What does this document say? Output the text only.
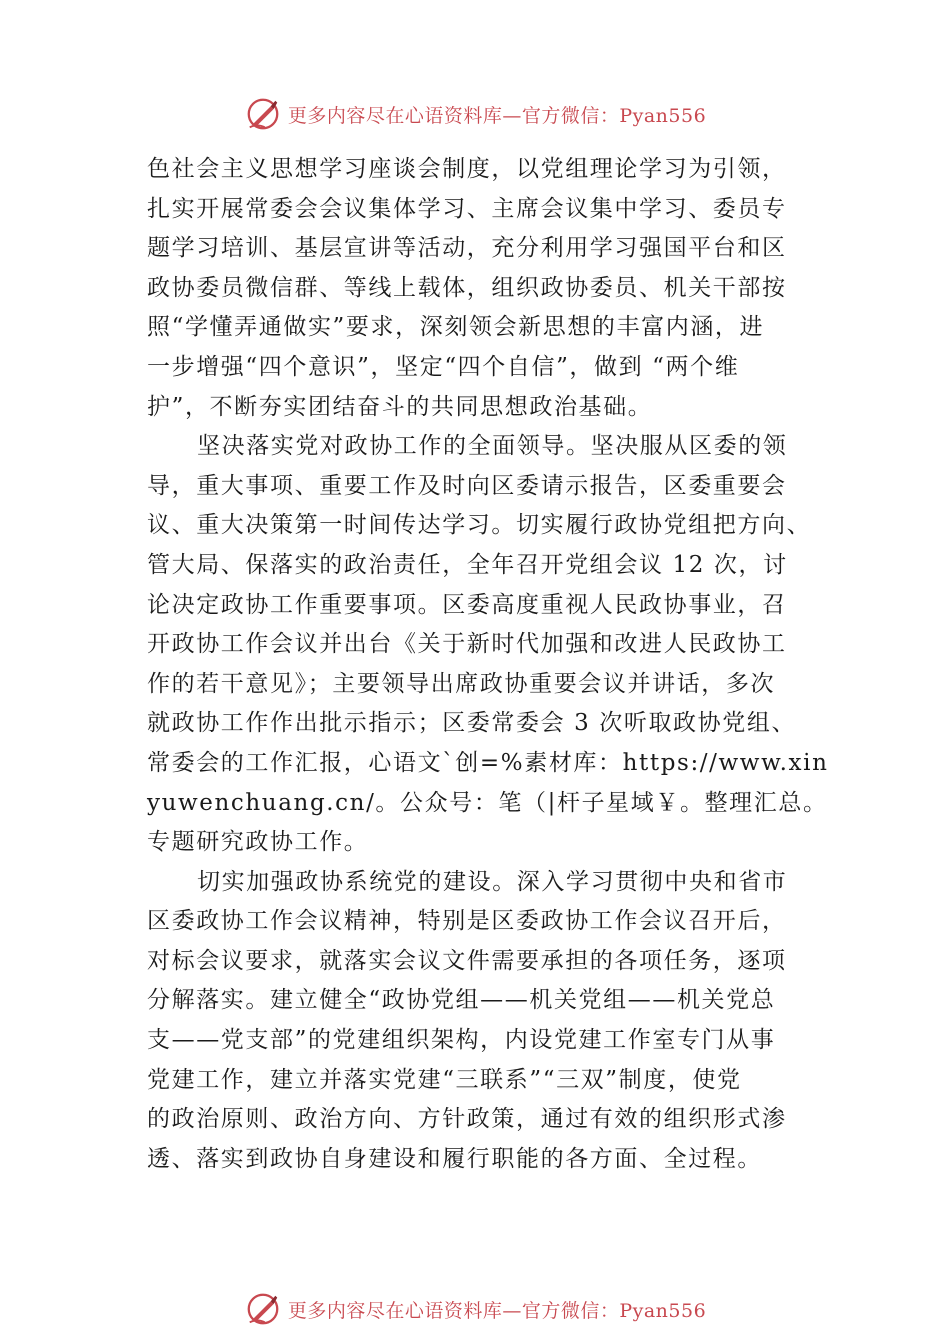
更多内容尽在心语资料库—官方微信：Pyan556
色社会主义思想学习座谈会制度，以党组理论学习为引领，
扎实开展常委会会议集体学习、主席会议集中学习、委员专
题学习培训、基层宣讲等活动，充分利用学习强国平台和区
政协委员微信群、等线上载体，组织政协委员、机关干部按
照“学懂弄通做实”要求，深刻领会新思想的丰富内涵，进
一步增强“四个意识”，坚定“四个自信”，做到 “两个维
护”，不断夯实团结奋斗的共同思想政治基础。
坚决落实党对政协工作的全面领导。坚决服从区委的领
导，重大事项、重要工作及时向区委请示报告，区委重要会
议、重大决策第一时间传达学习。切实履行政协党组把方向、
管大局、保落实的政治责任，全年召开党组会议 12 次，讨
论决定政协工作重要事项。区委高度重视人民政协事业，召
开政协工作会议并出台《关于新时代加强和改进人民政协工
作的若干意见》；主要领导出席政协重要会议并讲话，多次
就政协工作作出批示指示；区委常委会 3 次听取政协党组、
常委会的工作汇报，心语文`创=%素材库：https://www.xin
yuwenchuang.cn/。公众号：笔（|杆子星域￥。整理汇总。
专题研究政协工作。
切实加强政协系统党的建设。深入学习贯彻中央和省市
区委政协工作会议精神，特别是区委政协工作会议召开后，
对标会议要求，就落实会议文件需要承担的各项任务，逐项
分解落实。建立健全“政协党组——机关党组——机关党总
支——党支部”的党建组织架构，内设党建工作室专门从事
党建工作，建立并落实党建“三联系”“三双”制度，使党
的政治原则、政治方向、方针政策，通过有效的组织形式渗
透、落实到政协自身建设和履行职能的各方面、全过程。
更多内容尽在心语资料库—官方微信：Pyan556
